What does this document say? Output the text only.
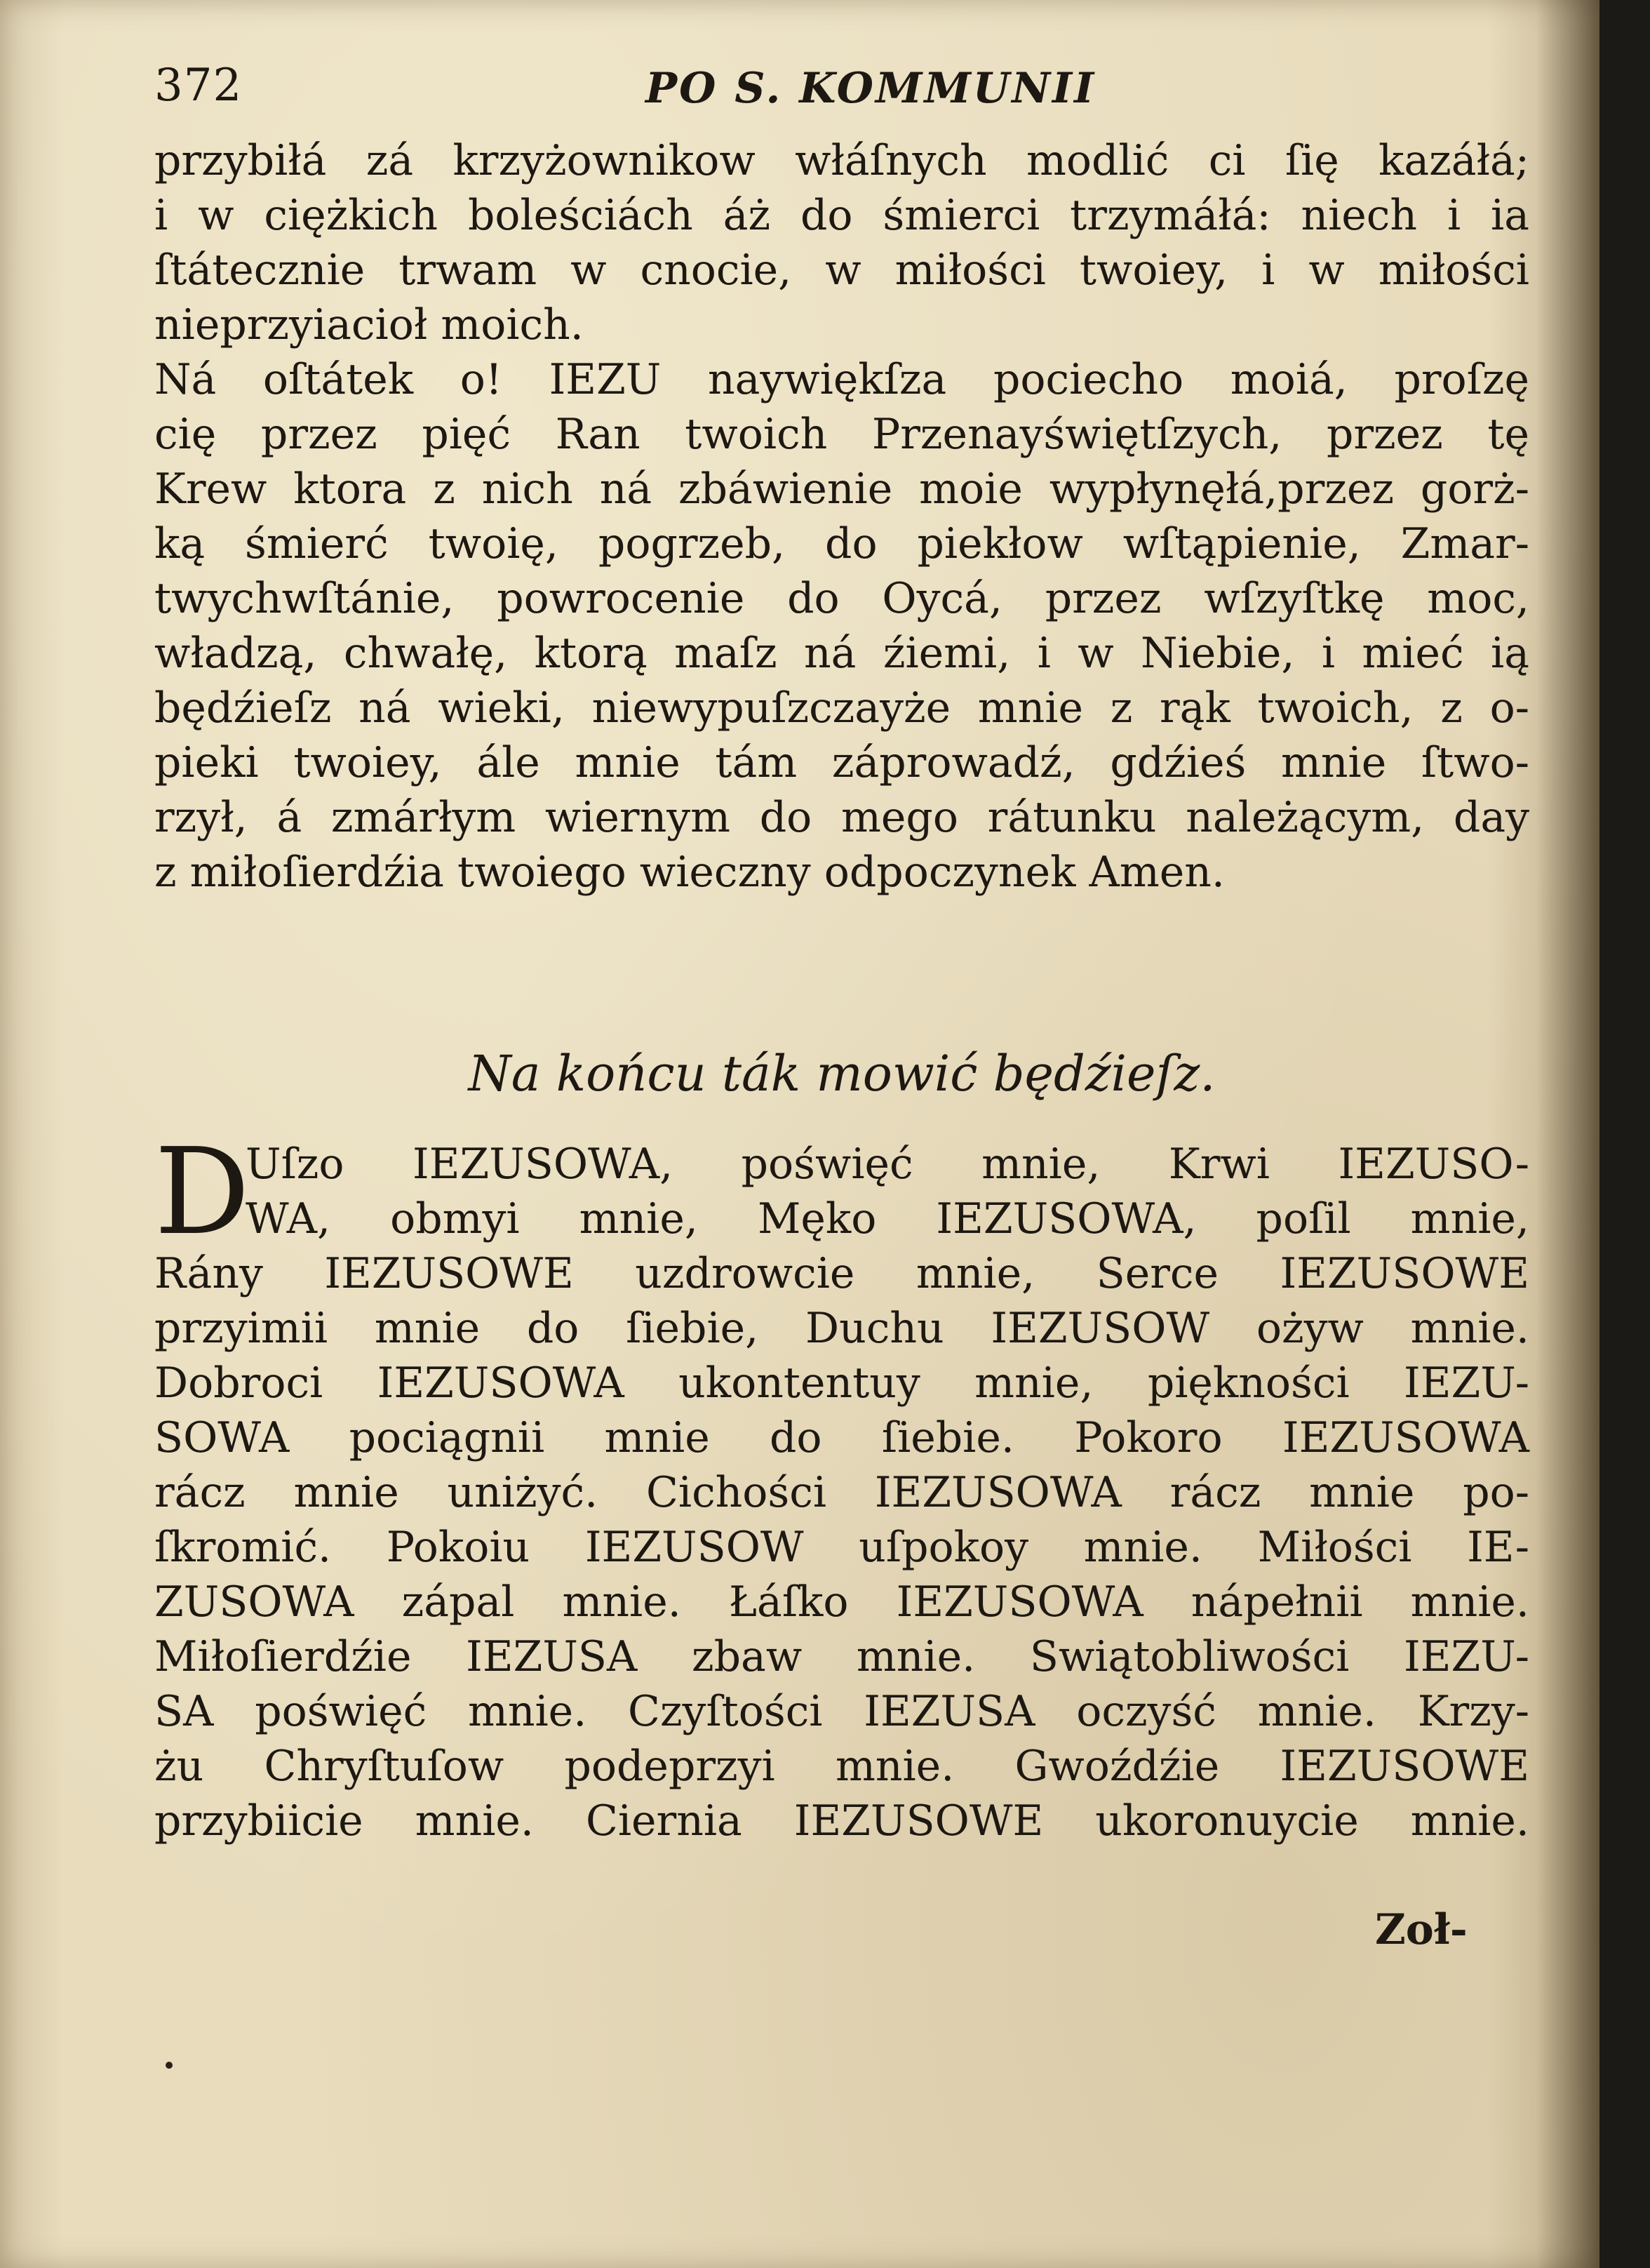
372	PO S. KOMMUNII
przybiłá zá krzyżownikow włáſnych modlić ci ſię kazáłá;
i w ciężkich boleściách áż do śmierci trzymáłá: niech i ia
ſtátecznie trwam w cnocie, w miłości twoiey, i w miłości
nieprzyiacioł moich.
Ná oſtátek o! IEZU naywiękſza pociecho moiá, proſzę
cię przez pięć Ran twoich Przenayświętſzych, przez tę
Krew ktora z nich ná zbáwienie moie wypłynęłá,przez gorż-
ką śmierć twoię, pogrzeb, do piekłow wſtąpienie, Zmar-
twychwſtánie, powrocenie do Oycá, przez wſzyſtkę moc,
władzą, chwałę, ktorą maſz ná źiemi, i w Niebie, i mieć ią
będźieſz ná wieki, niewypuſzczayże mnie z rąk twoich, z o-
pieki twoiey, ále mnie tám záprowadź, gdźieś mnie ſtwo-
rzył, á zmárłym wiernym do mego rátunku należącym, day
z miłoſierdźia twoiego wieczny odpoczynek Amen.
Na końcu ták mowić będźieſz.
D
Uſzo IEZUSOWA, poświęć mnie, Krwi IEZUSO-
WA, obmyi mnie, Męko IEZUSOWA, poſil mnie,
Rány IEZUSOWE uzdrowcie mnie, Serce IEZUSOWE
przyimii mnie do ſiebie, Duchu IEZUSOW ożyw mnie.
Dobroci IEZUSOWA ukontentuy mnie, piękności IEZU-
SOWA pociągnii mnie do ſiebie. Pokoro IEZUSOWA
rácz mnie uniżyć. Cichości IEZUSOWA rácz mnie po-
ſkromić. Pokoiu IEZUSOW uſpokoy mnie. Miłości IE-
ZUSOWA zápal mnie. Łáſko IEZUSOWA nápełnii mnie.
Miłoſierdźie IEZUSA zbaw mnie. Swiątobliwości IEZU-
SA poświęć mnie. Czyſtości IEZUSA oczyść mnie. Krzy-
żu Chryſtuſow podeprzyi mnie. Gwoźdźie IEZUSOWE
przybiicie mnie. Ciernia IEZUSOWE ukoronuycie mnie.
Zoł-
